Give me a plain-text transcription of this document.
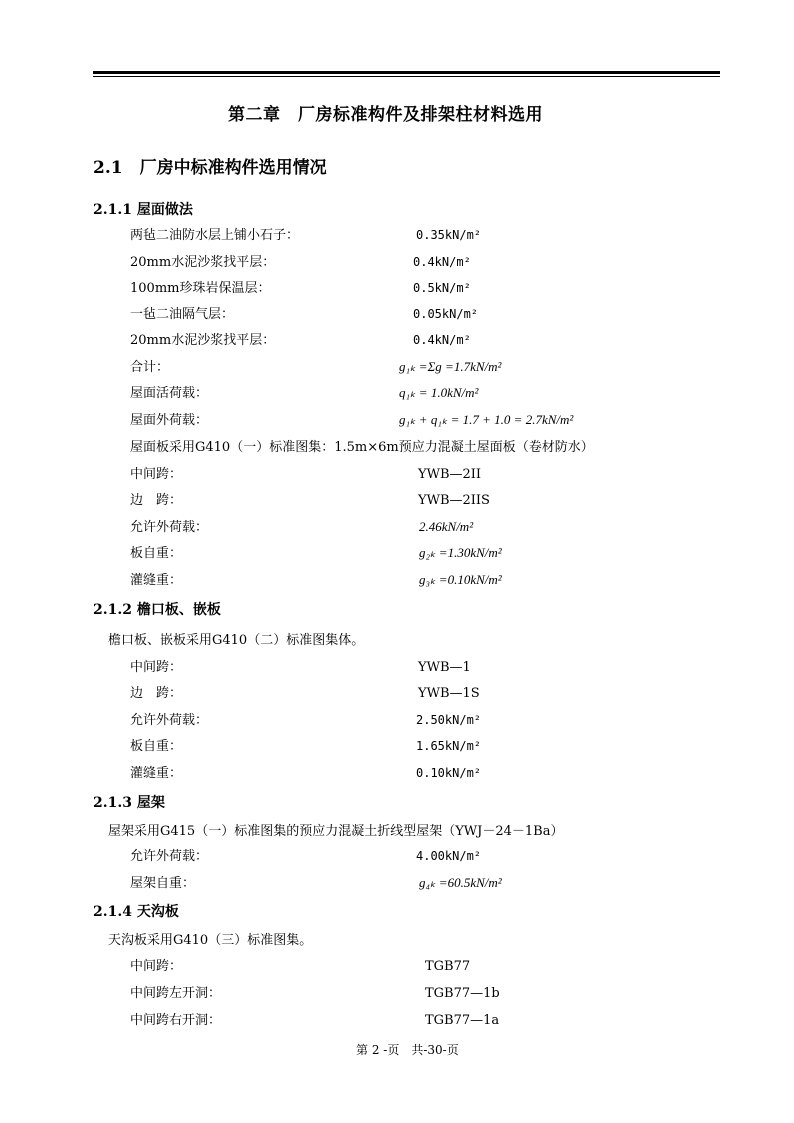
第二章　厂房标准构件及排架柱材料选用
2.1　厂房中标准构件选用情况
2.1.1 屋面做法
两毡二油防水层上铺小石子：	0.35kN/m²
20mm水泥沙浆找平层：	0.4kN/m²
100mm珍珠岩保温层：	0.5kN/m²
一毡二油隔气层：	0.05kN/m²
20mm水泥沙浆找平层：	0.4kN/m²
合计：	g₁ₖ =Σg =1.7kN/m²
屋面活荷载：	q₁ₖ = 1.0kN/m²
屋面外荷载：	g₁ₖ + q₁ₖ = 1.7 + 1.0 = 2.7kN/m²
屋面板采用G410（一）标准图集：1.5m×6m预应力混凝土屋面板（卷材防水）
中间跨：	YWB—2II
边　跨：	YWB—2IIS
允许外荷载：	2.46kN/m²
板自重：	g₂ₖ =1.30kN/m²
灌缝重：	g₃ₖ =0.10kN/m²
2.1.2 檐口板、嵌板
檐口板、嵌板采用G410（二）标准图集体。
中间跨：	YWB—1
边　跨：	YWB—1S
允许外荷载：	2.50kN/m²
板自重：	1.65kN/m²
灌缝重：	0.10kN/m²
2.1.3 屋架
屋架采用G415（一）标准图集的预应力混凝土折线型屋架（YWJ－24－1Ba）
允许外荷载：	4.00kN/m²
屋架自重：	g₄ₖ =60.5kN/m²
2.1.4 天沟板
天沟板采用G410（三）标准图集。
中间跨：	TGB77
中间跨左开洞：	TGB77—1b
中间跨右开洞：	TGB77—1a
第 2 -页　共-30-页
